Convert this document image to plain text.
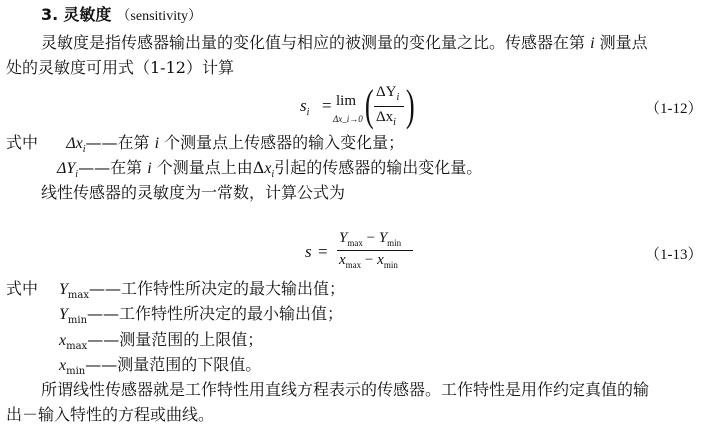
3. 灵敏度 （sensitivity）
灵敏度是指传感器输出量的变化值与相应的被测量的变化量之比。传感器在第 i 测量点
处的灵敏度可用式（1-12）计算
$s_i = \lim$
Δx_i→0 ( $\Delta Y_i$
$\Delta x_i$ )	（1-12）
式中 $\Delta x_i——$在第 i 个测量点上传感器的输入变化量；
$\Delta Y_i——$在第 i 个测量点上由$\Delta x_i$引起的传感器的输出变化量。
线性传感器的灵敏度为一常数，计算公式为
s =
$Y_{max} - Y_{min}$
$x_{max} - x_{min}$
（1-13）
式中 $Y_{max}——$工作特性所决定的最大输出值；
$Y_{min}——$工作特性所决定的最小输出值；
$x_{max}——$测量范围的上限值；
$x_{min}——$测量范围的下限值。
所谓线性传感器就是工作特性用直线方程表示的传感器。工作特性是用作约定真值的输
出－输入特性的方程或曲线。
